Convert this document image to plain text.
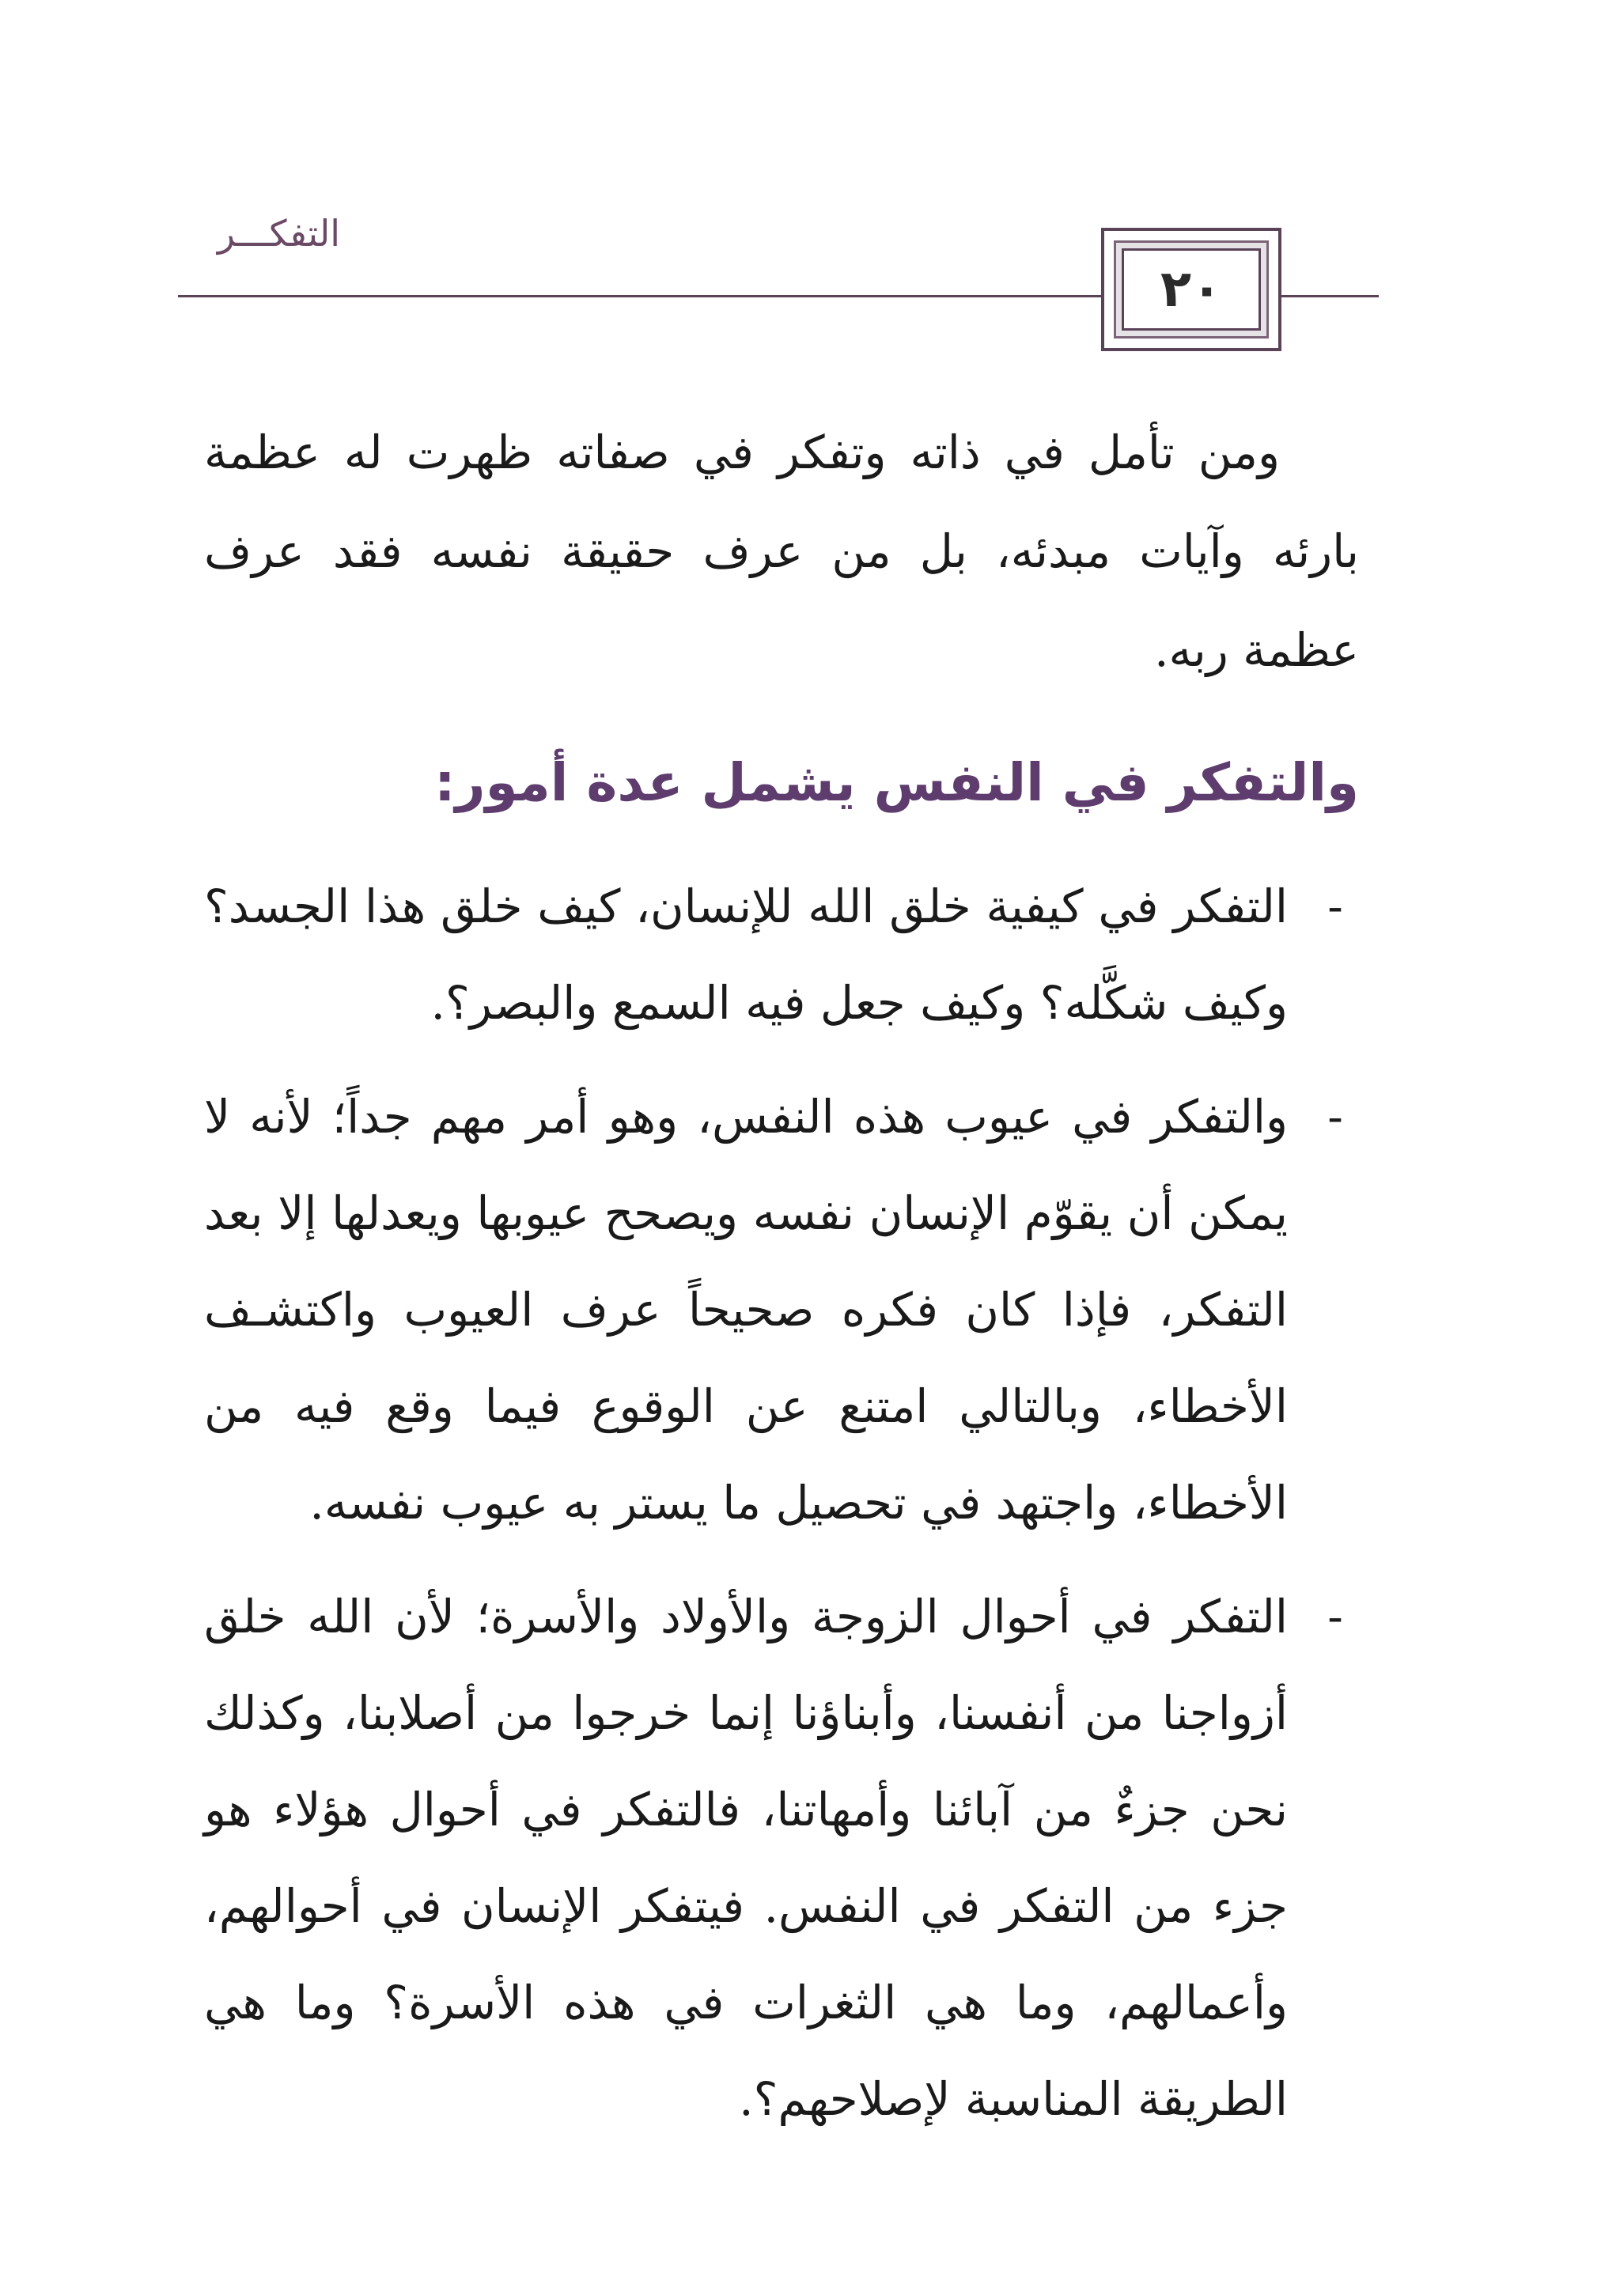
التفكـــر
٢٠

ومن تأمل في ذاته وتفكر في صفاته ظهرت له عظمة بارئه وآيات مبدئه، بل من عرف حقيقة نفسه فقد عرف عظمة ربه.

والتفكر في النفس يشمل عدة أمور:
-
التفكر في كيفية خلق الله للإنسان، كيف خلق هذا الجسد؟ وكيف شكَّله؟ وكيف جعل فيه السمع والبصر؟.
-
والتفكر في عيوب هذه النفس، وهو أمر مهم جداً؛ لأنه لا يمكن أن يقوّم الإنسان نفسه ويصحح عيوبها ويعدلها إلا بعد التفكر، فإذا كان فكره صحيحاً عرف العيوب واكتشـف الأخطاء، وبالتالي امتنع عن الوقوع فيما وقع فيه من الأخطاء، واجتهد في تحصيل ما يستر به عيوب نفسه.
-
التفكر في أحوال الزوجة والأولاد والأسرة؛ لأن الله خلق أزواجنا من أنفسنا، وأبناؤنا إنما خرجوا من أصلابنا، وكذلك نحن جزءٌ من آبائنا وأمهاتنا، فالتفكر في أحوال هؤلاء هو جزء من التفكر في النفس. فيتفكر الإنسان في أحوالهم، وأعمالهم، وما هي الثغرات في هذه الأسرة؟ وما هي الطريقة المناسبة لإصلاحهم؟.
